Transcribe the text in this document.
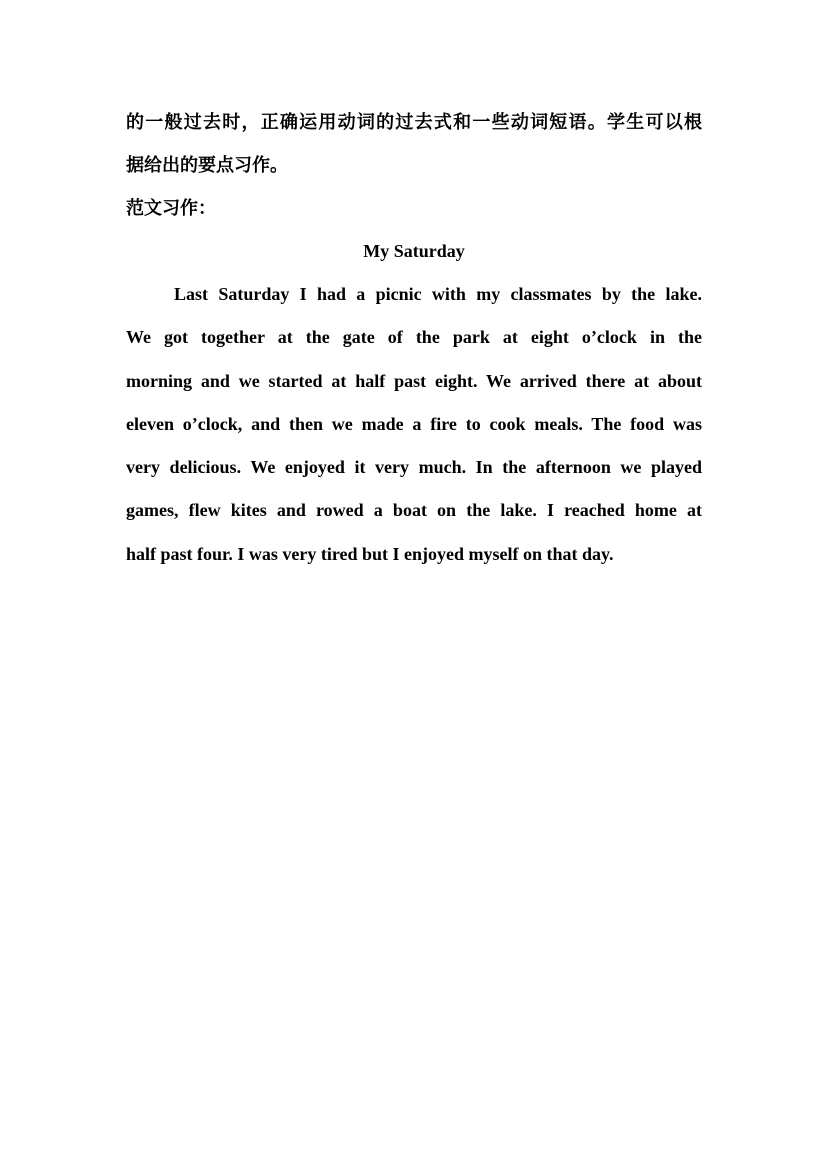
的一般过去时，正确运用动词的过去式和一些动词短语。学生可以根
据给出的要点习作。
范文习作：
My Saturday
Last Saturday I had a picnic with my classmates by the lake.
We got together at the gate of the park at eight o’clock in the
morning and we started at half past eight. We arrived there at about
eleven o’clock, and then we made a fire to cook meals. The food was
very delicious. We enjoyed it very much. In the afternoon we played
games, flew kites and rowed a boat on the lake. I reached home at
half past four. I was very tired but I enjoyed myself on that day.
